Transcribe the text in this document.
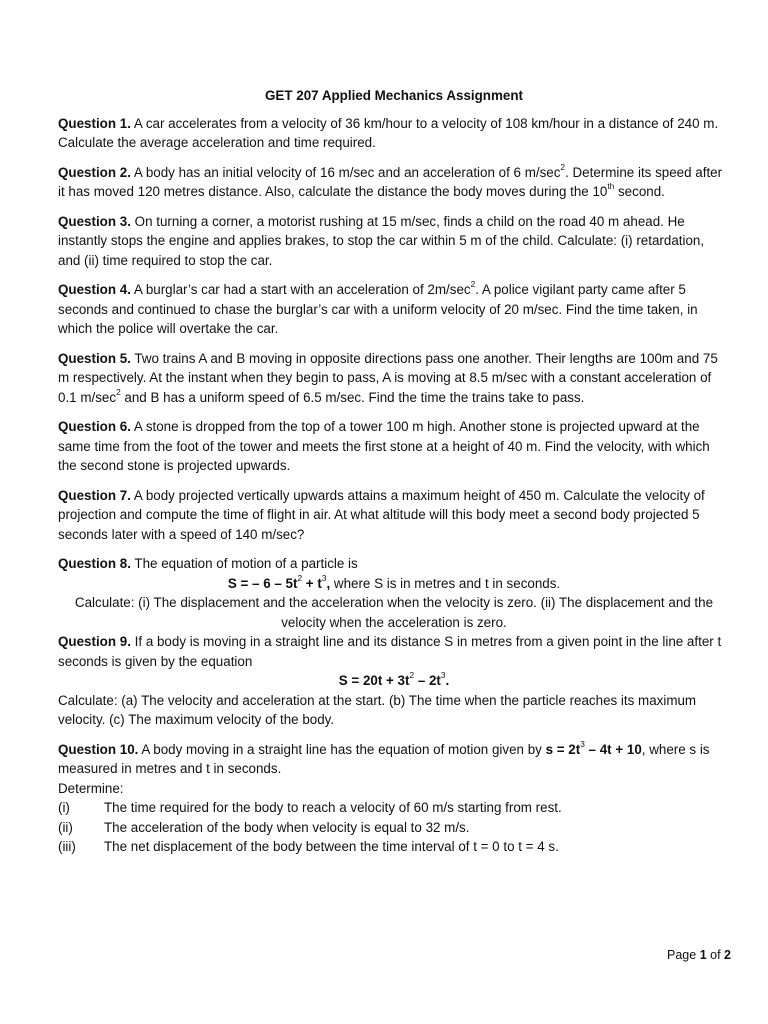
GET 207 Applied Mechanics Assignment

Question 1. A car accelerates from a velocity of 36 km/hour to a velocity of 108 km/hour in a distance of 240 m. Calculate the average acceleration and time required.

Question 2. A body has an initial velocity of 16 m/sec and an acceleration of 6 $m/\sec^2$. Determine its speed after it has moved 120 metres distance. Also, calculate the distance the body moves during the 10th second.

Question 3. On turning a corner, a motorist rushing at 15 m/sec, finds a child on the road 40 m ahead. He instantly stops the engine and applies brakes, to stop the car within 5 m of the child. Calculate: (i) retardation, and (ii) time required to stop the car.

Question 4. A burglar’s car had a start with an acceleration of $2m/\sec^2$. A police vigilant party came after 5 seconds and continued to chase the burglar’s car with a uniform velocity of 20 m/sec. Find the time taken, in which the police will overtake the car.

Question 5. Two trains A and B moving in opposite directions pass one another. Their lengths are 100m and 75 m respectively. At the instant when they begin to pass, A is moving at 8.5 m/sec with a constant acceleration of 0.1 $m/\sec^2$ and B has a uniform speed of 6.5 m/sec. Find the time the trains take to pass.

Question 6. A stone is dropped from the top of a tower 100 m high. Another stone is projected upward at the same time from the foot of the tower and meets the first stone at a height of 40 m. Find the velocity, with which the second stone is projected upwards.

Question 7. A body projected vertically upwards attains a maximum height of 450 m. Calculate the velocity of projection and compute the time of flight in air. At what altitude will this body meet a second body projected 5 seconds later with a speed of 140 m/sec?

Question 8. The equation of motion of a particle is
S = – $6 - 5t^2 + t^3$, where S is in metres and t in seconds.
Calculate: (i) The displacement and the acceleration when the velocity is zero. (ii) The displacement and the velocity when the acceleration is zero.
Question 9. If a body is moving in a straight line and its distance S in metres from a given point in the line after t seconds is given by the equation
$S = 20t + 3t^2 - 2t^3$.
Calculate: (a) The velocity and acceleration at the start. (b) The time when the particle reaches its maximum velocity. (c) The maximum velocity of the body.
Question 10. A body moving in a straight line has the equation of motion given by $s = 2t^3 - 4t + 10$, where s is measured in metres and t in seconds.
Determine:
(i)	The time required for the body to reach a velocity of 60 m/s starting from rest.
(ii)	The acceleration of the body when velocity is equal to 32 m/s.
(iii)	The net displacement of the body between the time interval of t = 0 to t = 4 s.
Page 1 of 2
